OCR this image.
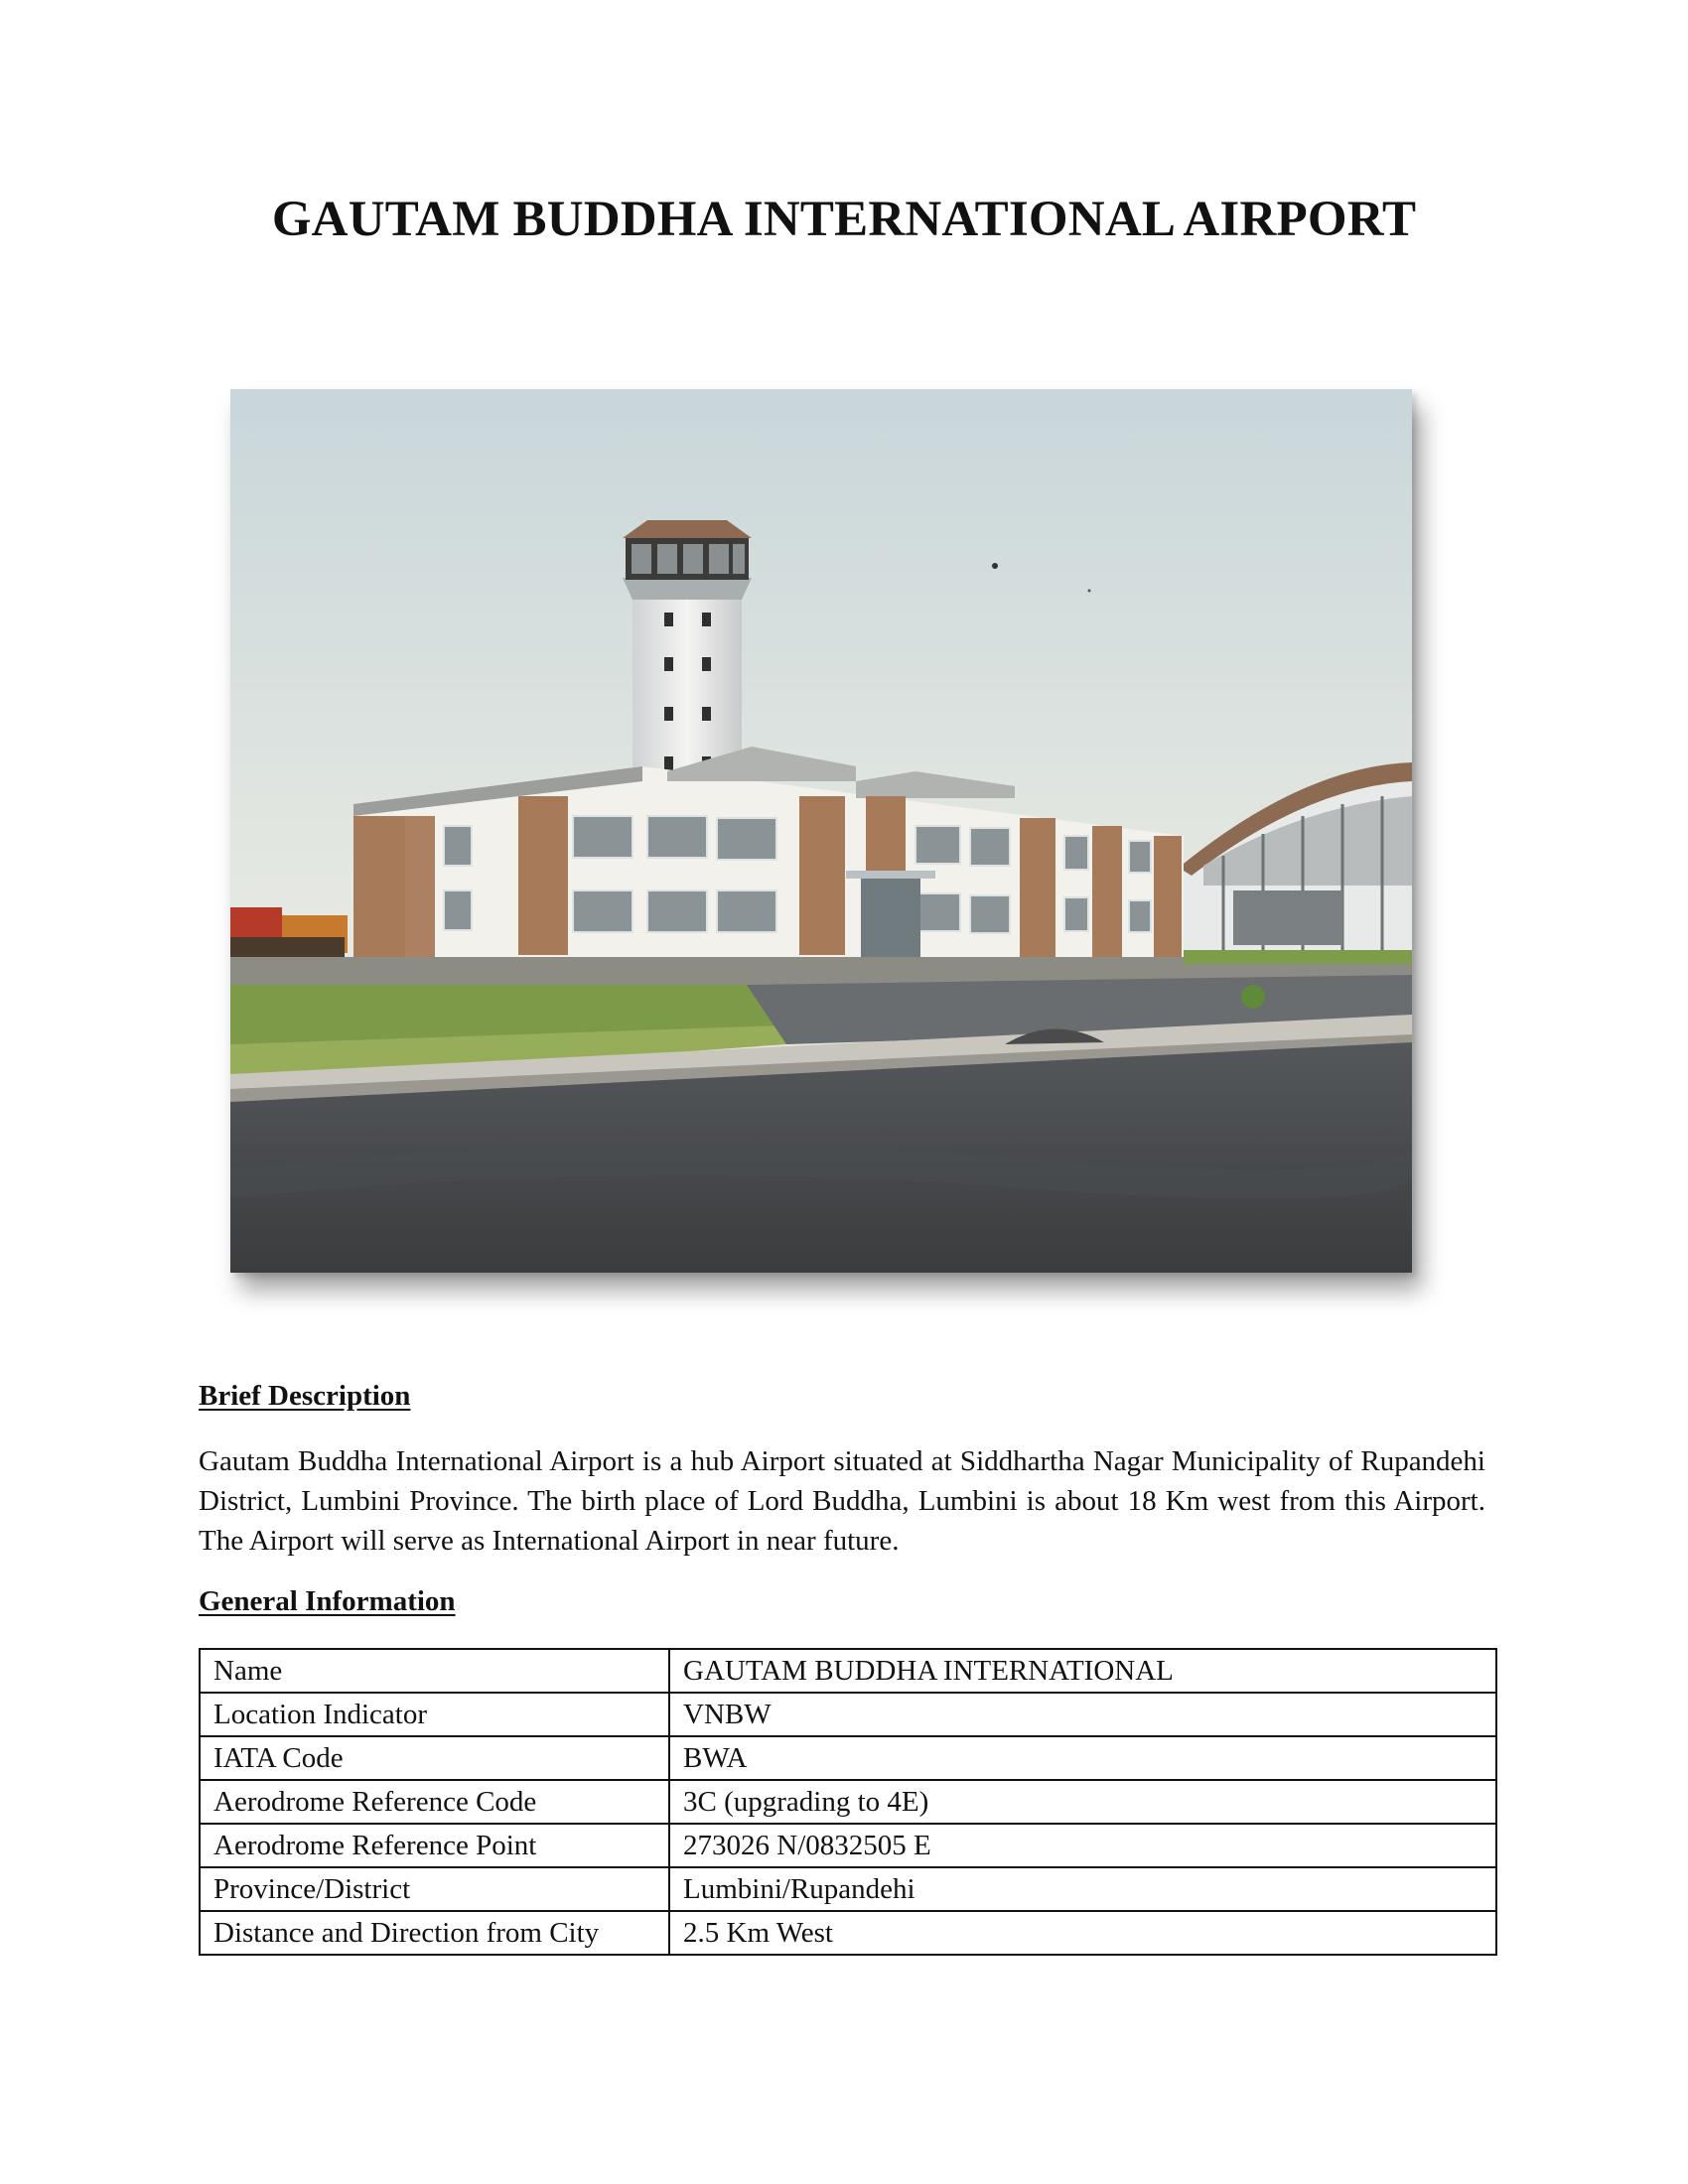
GAUTAM BUDDHA INTERNATIONAL AIRPORT
Brief Description

Gautam Buddha International Airport is a hub Airport situated at Siddhartha Nagar Municipality of Rupandehi District, Lumbini Province. The birth place of Lord Buddha, Lumbini is about 18 Km west from this Airport. The Airport will serve as International Airport in near future.

General Information
Name	GAUTAM BUDDHA INTERNATIONAL
Location Indicator	VNBW
IATA Code	BWA
Aerodrome Reference Code	3C (upgrading to 4E)
Aerodrome Reference Point	273026 N/0832505 E
Province/District	Lumbini/Rupandehi
Distance and Direction from City	2.5 Km West
